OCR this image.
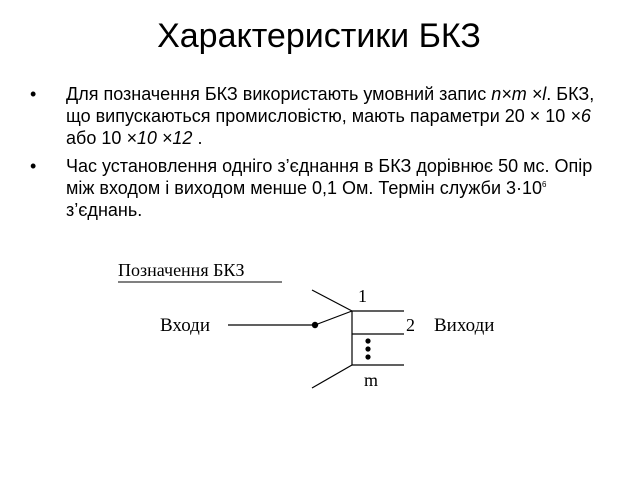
Характеристики БКЗ
• Для позначення БКЗ використають умовний запис n×m ×l. БКЗ, що випускаються промисловістю, мають параметри 20 × 10 ×6 або 10 ×10 ×12 .
• Час установлення одніго з’єднання в БКЗ дорівнює 50 мс. Опір між входом і виходом менше 0,1 Ом. Термін служби $3\cdot 10^6$ з’єднань.
Позначення БКЗ
Входи
1
2 Виходи
m
